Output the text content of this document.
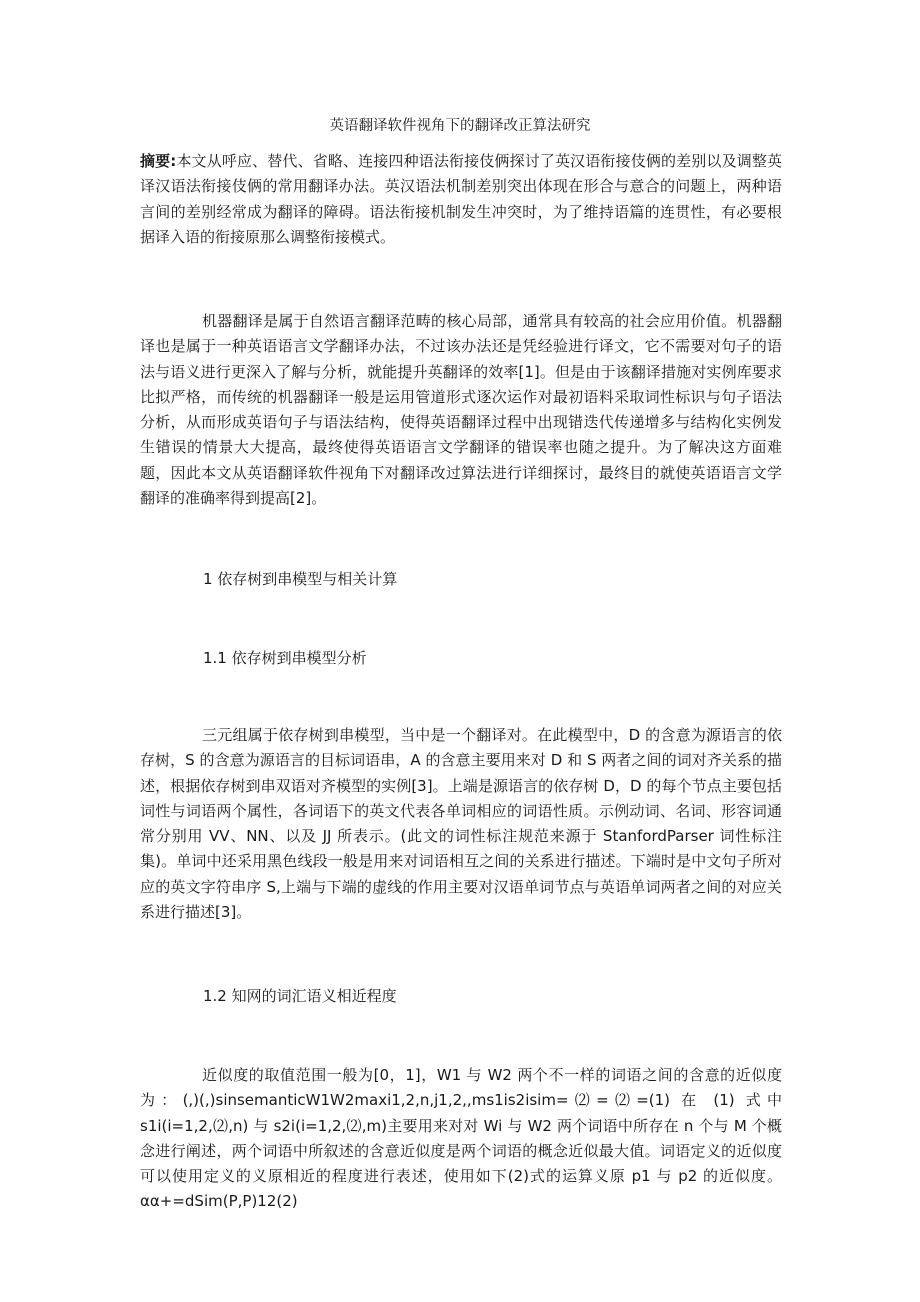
英语翻译软件视角下的翻译改正算法研究
摘要:本文从呼应、替代、省略、连接四种语法衔接伎俩探讨了英汉语衔接伎俩的差别以及调整英译汉语法衔接伎俩的常用翻译办法。英汉语法机制差别突出体现在形合与意合的问题上，两种语言间的差别经常成为翻译的障碍。语法衔接机制发生冲突时，为了维持语篇的连贯性，有必要根据译入语的衔接原那么调整衔接模式。
机器翻译是属于自然语言翻译范畴的核心局部，通常具有较高的社会应用价值。机器翻译也是属于一种英语语言文学翻译办法，不过该办法还是凭经验进行译文，它不需要对句子的语法与语义进行更深入了解与分析，就能提升英翻译的效率[1]。但是由于该翻译措施对实例库要求比拟严格，而传统的机器翻译一般是运用管道形式逐次运作对最初语料采取词性标识与句子语法分析，从而形成英语句子与语法结构，使得英语翻译过程中出现错迭代传递增多与结构化实例发生错误的情景大大提高，最终使得英语语言文学翻译的错误率也随之提升。为了解决这方面难题，因此本文从英语翻译软件视角下对翻译改过算法进行详细探讨，最终目的就使英语语言文学翻译的准确率得到提高[2]。
1 依存树到串模型与相关计算
1.1 依存树到串模型分析
三元组属于依存树到串模型，当中是一个翻译对。在此模型中，D 的含意为源语言的依存树，S 的含意为源语言的目标词语串，A 的含意主要用来对 D 和 S 两者之间的词对齐关系的描述，根据依存树到串双语对齐模型的实例[3]。上端是源语言的依存树 D，D 的每个节点主要包括词性与词语两个属性，各词语下的英文代表各单词相应的词语性质。示例动词、名词、形容词通常分别用 VV、NN、以及 JJ 所表示。(此文的词性标注规范来源于 StanfordParser 词性标注集)。单词中还采用黑色线段一般是用来对词语相互之间的关系进行描述。下端时是中文句子所对应的英文字符串序 S,上端与下端的虚线的作用主要对汉语单词节点与英语单词两者之间的对应关系进行描述[3]。
1.2 知网的词汇语义相近程度
近似度的取值范围一般为[0，1]，W1 与 W2 两个不一样的词语之间的含意的近似度为：(,)(,)sinsemanticW1W2maxi1,2,n,j1,2,,ms1is2isim=⑵=⑵=(1) 在 (1) 式中 s1i(i=1,2,⑵,n) 与 s2i(i=1,2,⑵,m)主要用来对对 Wi 与 W2 两个词语中所存在 n 个与 M 个概念进行阐述，两个词语中所叙述的含意近似度是两个词语的概念近似最大值。词语定义的近似度可以使用定义的义原相近的程度进行表述，使用如下(2)式的运算义原 p1 与 p2 的近似度。αα+=dSim(P,P)12(2)
